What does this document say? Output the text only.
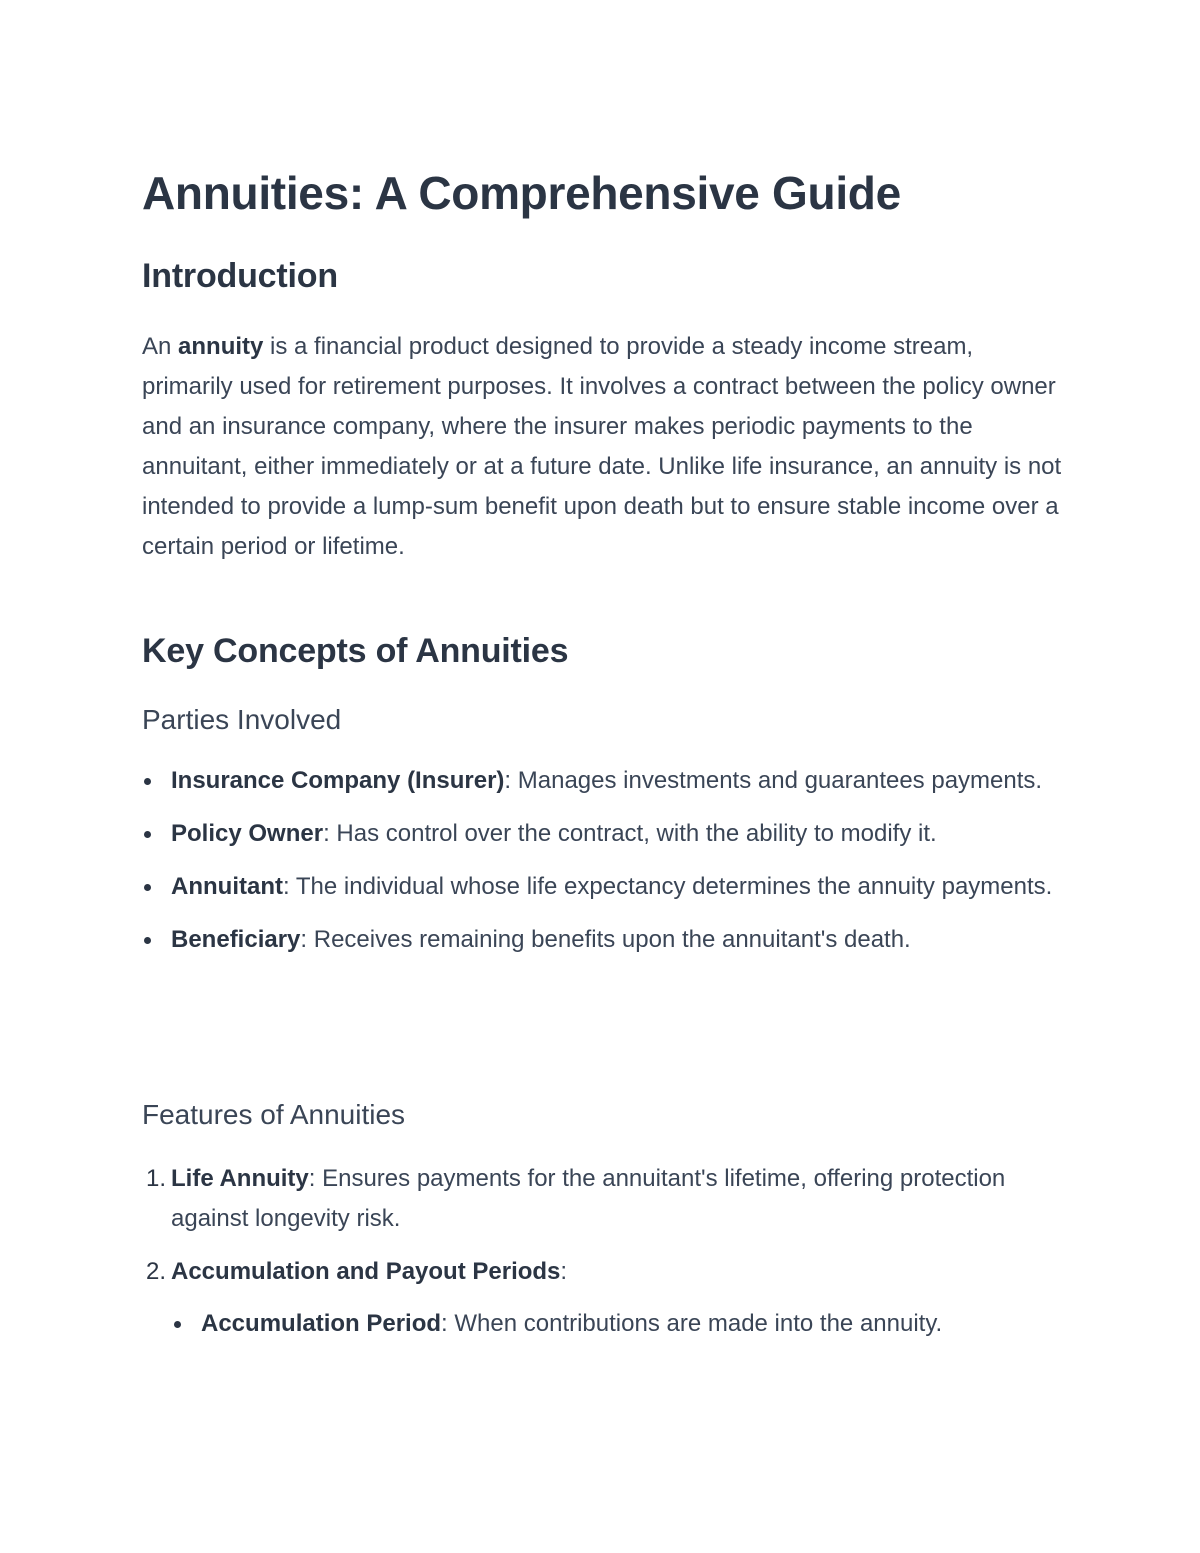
Annuities: A Comprehensive Guide
Introduction

An annuity is a financial product designed to provide a steady income stream, primarily used for retirement purposes. It involves a contract between the policy owner and an insurance company, where the insurer makes periodic payments to the annuitant, either immediately or at a future date. Unlike life insurance, an annuity is not intended to provide a lump-sum benefit upon death but to ensure stable income over a certain period or lifetime.

Key Concepts of Annuities
Parties Involved
Insurance Company (Insurer): Manages investments and guarantees payments.
Policy Owner: Has control over the contract, with the ability to modify it.
Annuitant: The individual whose life expectancy determines the annuity payments.
Beneficiary: Receives remaining benefits upon the annuitant's death.
Features of Annuities
1. Life Annuity: Ensures payments for the annuitant's lifetime, offering protection against longevity risk.
2. Accumulation and Payout Periods:
Accumulation Period: When contributions are made into the annuity.
